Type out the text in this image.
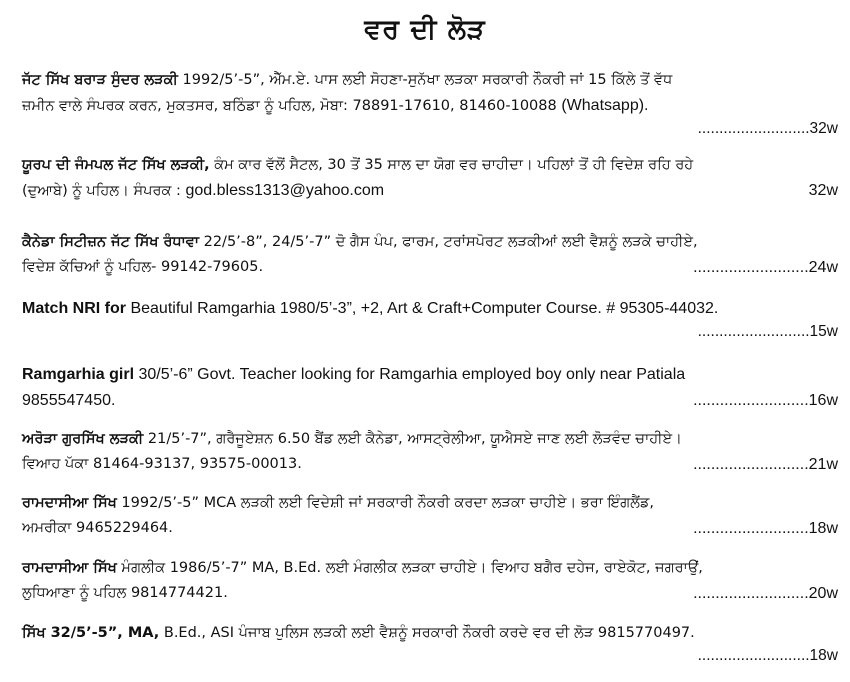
ਵਰ ਦੀ ਲੋੜ

ਜੱਟ ਸਿੱਖ ਬਰਾੜ ਸੁੰਦਰ ਲੜਕੀ 1992/5’-5”, ਐੱਮ.ਏ. ਪਾਸ ਲਈ ਸੋਹਣਾ-ਸੁਨੱਖਾ ਲੜਕਾ ਸਰਕਾਰੀ ਨੌਕਰੀ ਜਾਂ 15 ਕਿੱਲੇ ਤੋਂ ਵੱਧ

ਜ਼ਮੀਨ ਵਾਲੇ ਸੰਪਰਕ ਕਰਨ, ਮੁਕਤਸਰ, ਬਠਿੰਡਾ ਨੂੰ ਪਹਿਲ, ਮੋਬਾ: 78891-17610, 81460-10088 (Whatsapp).

..........................32w

ਯੂਰਪ ਦੀ ਜੰਮਪਲ ਜੱਟ ਸਿੱਖ ਲੜਕੀ, ਕੰਮ ਕਾਰ ਵੱਲੋਂ ਸੈਟਲ, 30 ਤੋਂ 35 ਸਾਲ ਦਾ ਯੋਗ ਵਰ ਚਾਹੀਦਾ। ਪਹਿਲਾਂ ਤੋਂ ਹੀ ਵਿਦੇਸ਼ ਰਹਿ ਰਹੇ

(ਦੁਆਬੇ) ਨੂੰ ਪਹਿਲ। ਸੰਪਰਕ : god.bless1313@yahoo.com	32w

ਕੈਨੇਡਾ ਸਿਟੀਜ਼ਨ ਜੱਟ ਸਿੱਖ ਰੰਧਾਵਾ 22/5’-8”, 24/5’-7” ਦੋ ਗੈਸ ਪੰਪ, ਫਾਰਮ, ਟਰਾਂਸਪੋਰਟ ਲੜਕੀਆਂ ਲਈ ਵੈਸ਼ਨੂੰ ਲੜਕੇ ਚਾਹੀਏ,

ਵਿਦੇਸ਼ ਕੱਚਿਆਂ ਨੂੰ ਪਹਿਲ- 99142-79605.	..........................24w

Match NRI for Beautiful Ramgarhia 1980/5’-3”, +2, Art & Craft+Computer Course. # 95305-44032.

..........................15w

Ramgarhia girl 30/5’-6” Govt. Teacher looking for Ramgarhia employed boy only near Patiala

9855547450.	..........................16w

ਅਰੋੜਾ ਗੁਰਸਿੱਖ ਲੜਕੀ 21/5’-7”, ਗਰੈਜੂਏਸ਼ਨ 6.50 ਬੈਂਡ ਲਈ ਕੈਨੇਡਾ, ਆਸਟ੍ਰੇਲੀਆ, ਯੂਐਸਏ ਜਾਣ ਲਈ ਲੋੜਵੰਦ ਚਾਹੀਏ।

ਵਿਆਹ ਪੱਕਾ 81464-93137, 93575-00013.	..........................21w

ਰਾਮਦਾਸੀਆ ਸਿੱਖ 1992/5’-5” MCA ਲੜਕੀ ਲਈ ਵਿਦੇਸ਼ੀ ਜਾਂ ਸਰਕਾਰੀ ਨੌਕਰੀ ਕਰਦਾ ਲੜਕਾ ਚਾਹੀਏ। ਭਰਾ ਇੰਗਲੈਂਡ,

ਅਮਰੀਕਾ 9465229464.	..........................18w

ਰਾਮਦਾਸੀਆ ਸਿੱਖ ਮੰਗਲੀਕ 1986/5’-7” MA, B.Ed. ਲਈ ਮੰਗਲੀਕ ਲੜਕਾ ਚਾਹੀਏ। ਵਿਆਹ ਬਗੈਰ ਦਹੇਜ, ਰਾਏਕੋਟ, ਜਗਰਾਉਂ,

ਲੁਧਿਆਣਾ ਨੂੰ ਪਹਿਲ 9814774421.	..........................20w

ਸਿੱਖ 32/5’-5”, MA, B.Ed., ASI ਪੰਜਾਬ ਪੁਲਿਸ ਲੜਕੀ ਲਈ ਵੈਸ਼ਨੂੰ ਸਰਕਾਰੀ ਨੌਕਰੀ ਕਰਦੇ ਵਰ ਦੀ ਲੋੜ 9815770497.

..........................18w
